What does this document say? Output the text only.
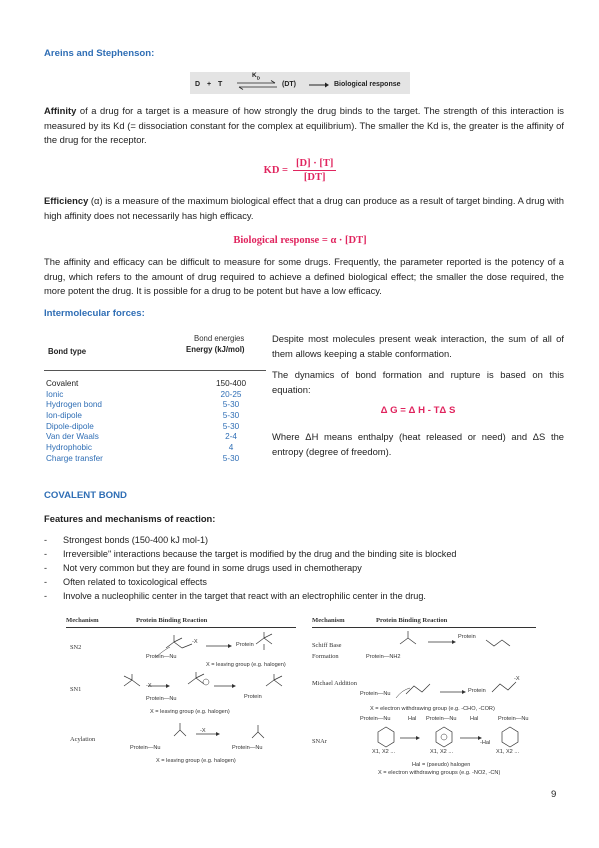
Areins and Stephenson:
D + T
$K_D$
(DT)	Biological response
Affinity of a drug for a target is a measure of how strongly the drug binds to the target. The strength of this interaction is measured by its Kd (= dissociation constant for the complex at equilibrium). The smaller the Kd is, the greater is the affinity of the drug for the receptor.
KD = $\frac{[D] \cdot [T]}{[DT]}$
Efficiency (α) is a measure of the maximum biological effect that a drug can produce as a result of target binding. A drug with high affinity does not necessarily has high efficacy.
Biological response = α · [DT]
The affinity and efficacy can be difficult to measure for some drugs. Frequently, the parameter reported is the potency of a drug, which refers to the amount of drug required to achieve a defined biological effect; the smaller the dose required, the more potent the drug. It is possible for a drug to be potent but have a low efficacy.
Intermolecular forces:
Bond energies
Bond type	Energy (kJ/mol)
Covalent	150-400
Ionic	20-25
Hydrogen bond	5-30
Ion-dipole	5-30
Dipole-dipole	5-30
Van der Waals	2-4
Hydrophobic	4
Charge transfer	5-30
Despite most molecules present weak interaction, the sum of all of them allows keeping a stable conformation.
The dynamics of bond formation and rupture is based on this equation:
Δ G = Δ H - TΔ S
Where ΔH means enthalpy (heat released or need) and ΔS the entropy (degree of freedom).
COVALENT BOND
Features and mechanisms of reaction:
- Strongest bonds (150-400 kJ mol-1)
- Irreversible" interactions because the target is modified by the drug and the binding site is blocked
- Not very common but they are found in some drugs used in chemotherapy
- Often related to toxicological effects
- Involve a nucleophilic center in the target that react with an electrophilic center in the drug.
Mechanism	Protein Binding Reaction	Mechanism	Protein Binding Reaction
SN2
Protein—Nu
-X	Protein
X = leaving group (e.g. halogen)
SN1	-X
Protein—Nu	Protein
X = leaving group (e.g. halogen)
Acylation
Protein—Nu
-X
Protein—Nu
X = leaving group (e.g. halogen)
Schiff Base Formation	Protein—NH2
Protein
Michael Addition
Protein—Nu
-X
Protein
X = electron withdrawing group (e.g. -CHO, -COR)
SNAr
Protein—Nu	Hal Protein—Nu Hal	Protein—Nu
-Hal
X1, X2 ...	X1, X2 ...	X1, X2 ...
Hal = (pseudo) halogen
X = electron withdrawing groups (e.g. -NO2, -CN)
9
